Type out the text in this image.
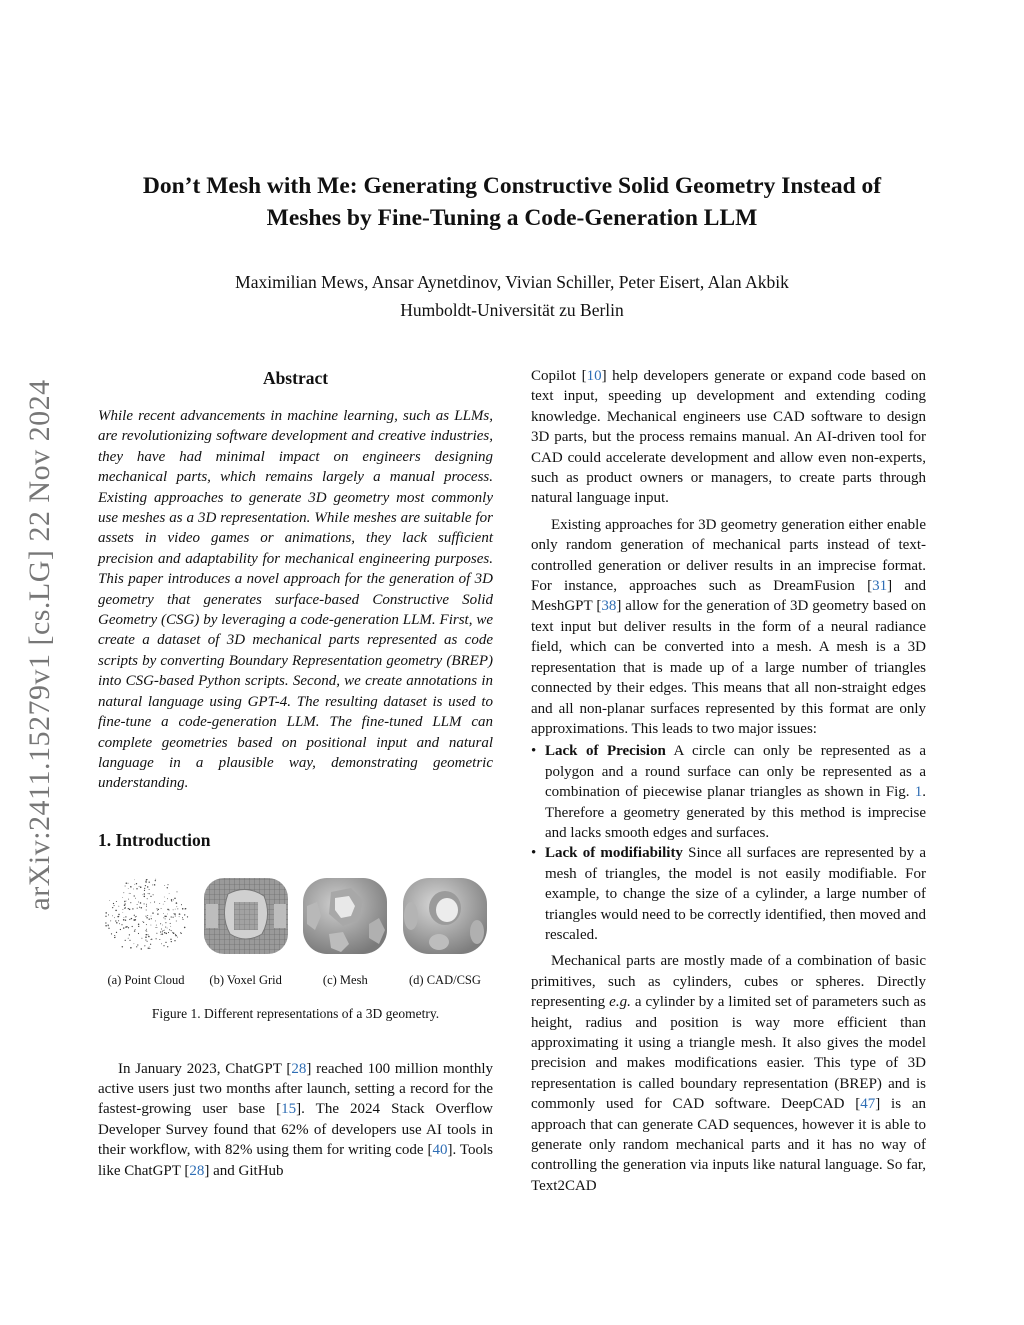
arXiv:2411.15279v1 [cs.LG] 22 Nov 2024
Don’t Mesh with Me: Generating Constructive Solid Geometry Instead of
Meshes by Fine-Tuning a Code-Generation LLM
Maximilian Mews, Ansar Aynetdinov, Vivian Schiller, Peter Eisert, Alan Akbik
Humboldt-Universität zu Berlin
Abstract

While recent advancements in machine learning, such as LLMs, are revolutionizing software development and creative industries, they have had minimal impact on engineers designing mechanical parts, which remains largely a manual process. Existing approaches to generate 3D geometry most commonly use meshes as a 3D representation. While meshes are suitable for assets in video games or animations, they lack sufficient precision and adaptability for mechanical engineering purposes. This paper introduces a novel approach for the generation of 3D geometry that generates surface-based Constructive Solid Geometry (CSG) by leveraging a code-generation LLM. First, we create a dataset of 3D mechanical parts represented as code scripts by converting Boundary Representation geometry (BREP) into CSG-based Python scripts. Second, we create annotations in natural language using GPT-4. The resulting dataset is used to fine-tune a code-generation LLM. The fine-tuned LLM can complete geometries based on positional input and natural language in a plausible way, demonstrating geometric understanding.

1. Introduction
(a) Point Cloud	(b) Voxel Grid	(c) Mesh	(d) CAD/CSG
Figure 1. Different representations of a 3D geometry.

In January 2023, ChatGPT [28] reached 100 million monthly active users just two months after launch, setting a record for the fastest-growing user base [15]. The 2024 Stack Overflow Developer Survey found that 62% of developers use AI tools in their workflow, with 82% using them for writing code [40]. Tools like ChatGPT [28] and GitHub

Copilot [10] help developers generate or expand code based on text input, speeding up development and extending coding knowledge. Mechanical engineers use CAD software to design 3D parts, but the process remains manual. An AI-driven tool for CAD could accelerate development and allow even non-experts, such as product owners or managers, to create parts through natural language input.

Existing approaches for 3D geometry generation either enable only random generation of mechanical parts instead of text-controlled generation or deliver results in an imprecise format. For instance, approaches such as DreamFusion [31] and MeshGPT [38] allow for the generation of 3D geometry based on text input but deliver results in the form of a neural radiance field, which can be converted into a mesh. A mesh is a 3D representation that is made up of a large number of triangles connected by their edges. This means that all non-straight edges and all non-planar surfaces represented by this format are only approximations. This leads to two major issues:

• Lack of Precision A circle can only be represented as a polygon and a round surface can only be represented as a combination of piecewise planar triangles as shown in Fig. 1. Therefore a geometry generated by this method is imprecise and lacks smooth edges and surfaces.
• Lack of modifiability Since all surfaces are represented by a mesh of triangles, the model is not easily modifiable. For example, to change the size of a cylinder, a large number of triangles would need to be correctly identified, then moved and rescaled.

Mechanical parts are mostly made of a combination of basic primitives, such as cylinders, cubes or spheres. Directly representing e.g. a cylinder by a limited set of parameters such as height, radius and position is way more efficient than approximating it using a triangle mesh. It also gives the model precision and makes modifications easier. This type of 3D representation is called boundary representation (BREP) and is commonly used for CAD software. DeepCAD [47] is an approach that can generate CAD sequences, however it is able to generate only random mechanical parts and it has no way of controlling the generation via inputs like natural language. So far, Text2CAD
